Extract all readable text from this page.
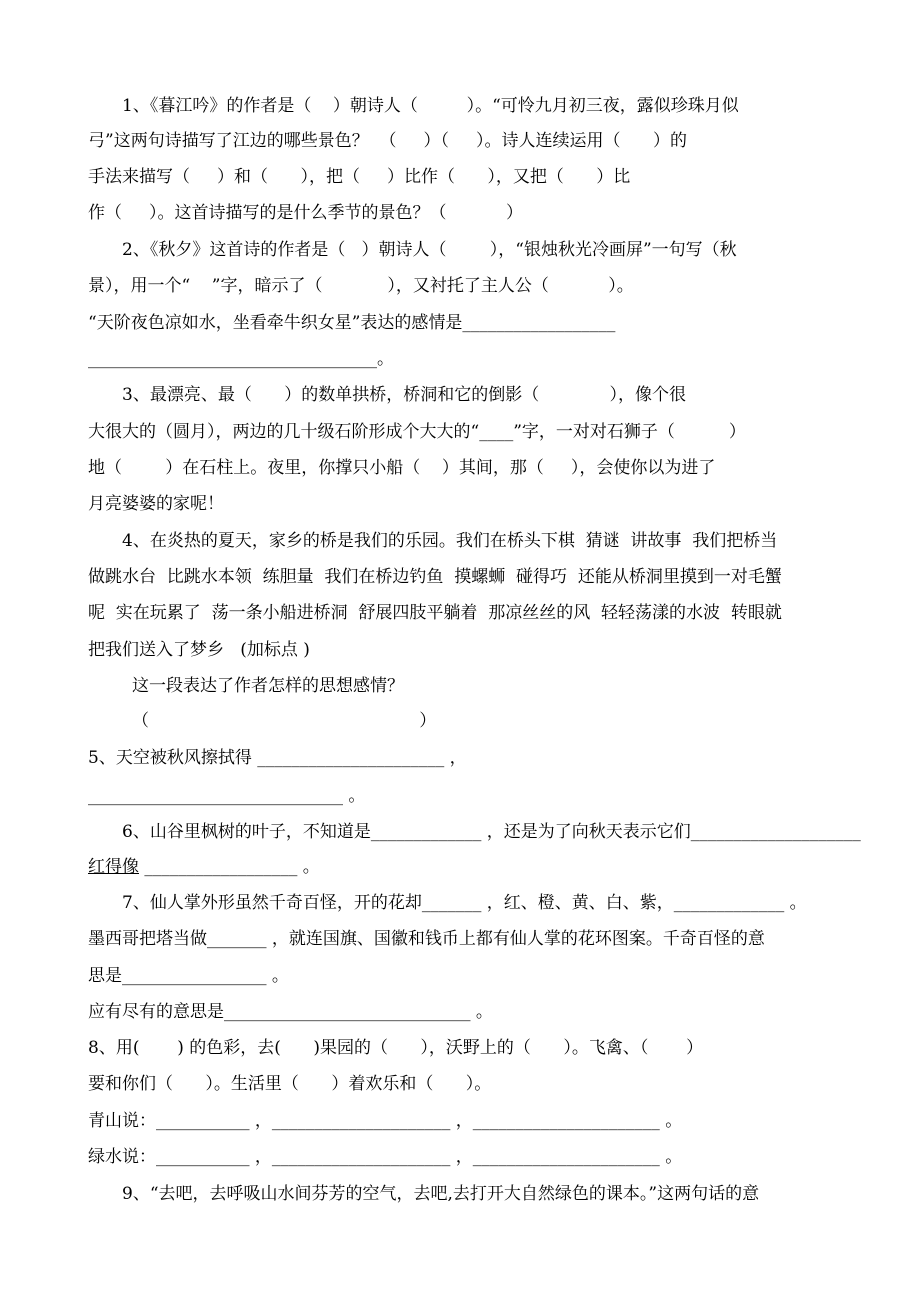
1、《暮江吟》的作者是（    ）朝诗人（         ）。“可怜九月初三夜，露似珍珠月似
弓”这两句诗描写了江边的哪些景色？  （     ）（     ）。诗人连续运用（      ）的
手法来描写（     ）和（      ），把（     ）比作（      ），又把（      ）比
作（     ）。这首诗描写的是什么季节的景色？（           ）
2、《秋夕》这首诗的作者是（   ）朝诗人（        ），“银烛秋光冷画屏”一句写（秋
景），用一个“    ”字，暗示了（            ），又衬托了主人公（           ）。
“天阶夜色凉如水，坐看牵牛织女星”表达的感情是__________________
__________________________________。
3、最漂亮、最（      ）的数单拱桥，桥洞和它的倒影（             ），像个很
大很大的（圆月），两边的几十级石阶形成个大大的“____”字，一对对石狮子（          ）
地（        ）在石柱上。夜里，你撑只小船（    ）其间，那（     ），会使你以为进了
月亮婆婆的家呢！
4、在炎热的夏天，家乡的桥是我们的乐园。我们在桥头下棋  猜谜  讲故事  我们把桥当
做跳水台  比跳水本领  练胆量  我们在桥边钓鱼  摸螺蛳  碰得巧  还能从桥洞里摸到一对毛蟹
呢  实在玩累了  荡一条小船进桥洞  舒展四肢平躺着  那凉丝丝的风  轻轻荡漾的水波  转眼就
把我们送入了梦乡   (加标点 )
这一段表达了作者怎样的思想感情？
（                                                  ）
5、天空被秋风擦拭得 ______________________ ，
______________________________ 。
6、山谷里枫树的叶子，不知道是_____________ ，还是为了向秋天表示它们____________________
红得像 __________________ 。
7、仙人掌外形虽然千奇百怪，开的花却_______ ，红、橙、黄、白、紫，_____________ 。
墨西哥把塔当做_______ ，就连国旗、国徽和钱币上都有仙人掌的花环图案。千奇百怪的意
思是_________________ 。
应有尽有的意思是_____________________________ 。
8、用(       ) 的色彩，去(      )果园的（      ），沃野上的（      ）。飞禽、（       ）
要和你们（      ）。生活里（      ）着欢乐和（      ）。
青山说：___________ ，_____________________ ，______________________ 。
绿水说：___________ ，_____________________ ，______________________ 。
9、“去吧，去呼吸山水间芬芳的空气，去吧,去打开大自然绿色的课本。”这两句话的意
